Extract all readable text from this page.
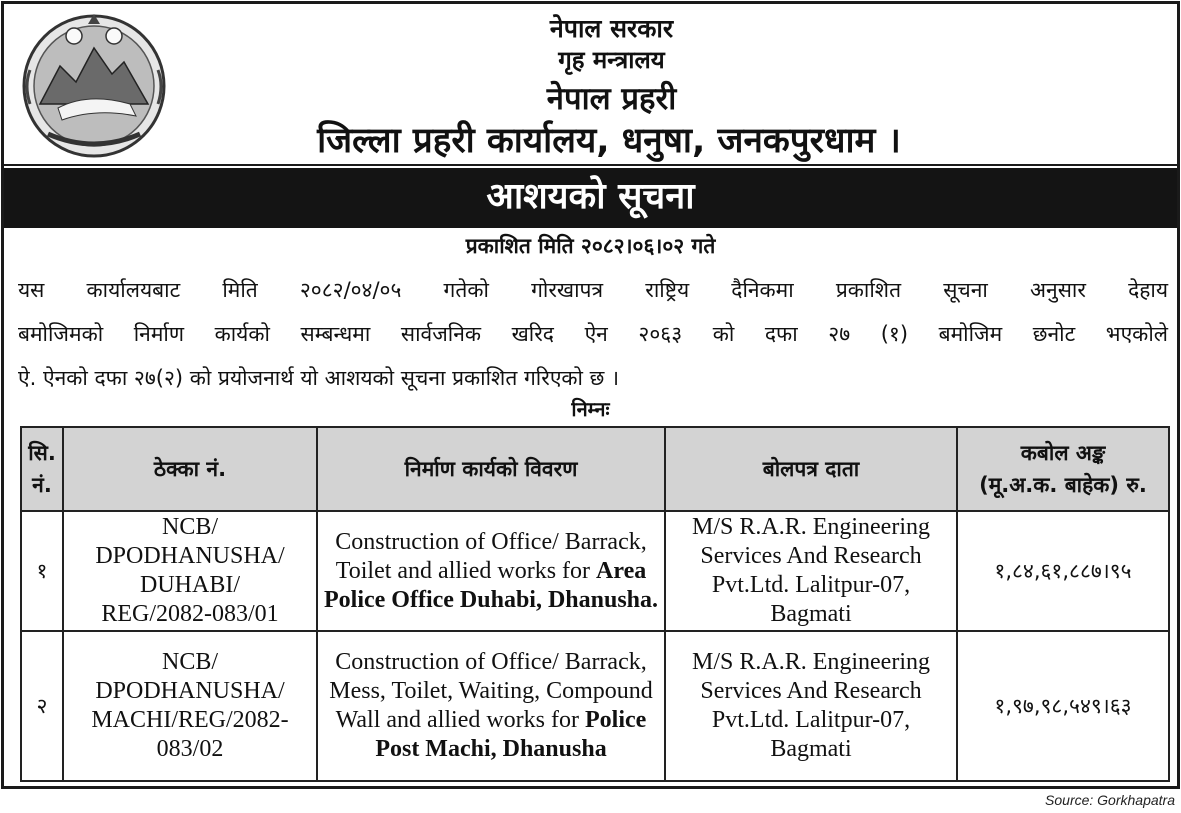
नेपाल सरकार
गृह मन्त्रालय
नेपाल प्रहरी
जिल्ला प्रहरी कार्यालय, धनुषा, जनकपुरधाम ।
आशयको सूचना
प्रकाशित मिति २०८२।०६।०२ गते
यस कार्यालयबाट मिति २०८२/०४/०५ गतेको गोरखापत्र राष्ट्रिय दैनिकमा प्रकाशित सूचना अनुसार देहाय
बमोजिमको निर्माण कार्यको सम्बन्धमा सार्वजनिक खरिद ऐन २०६३ को दफा २७ (१) बमोजिम छनोट भएकोले
ऐ. ऐनको दफा २७(२) को प्रयोजनार्थ यो आशयको सूचना प्रकाशित गरिएको छ ।
निम्नः
सि.
नं.	ठेक्का नं.	निर्माण कार्यको विवरण	बोलपत्र दाता	कबोल अङ्क
(मू.अ.क. बाहेक) रु.
१	NCB/
DPODHANUSHA/
DUHABI/
REG/2082-083/01	Construction of Office/ Barrack, Toilet and allied works for Area Police Office Duhabi, Dhanusha.	M/S R.A.R. Engineering
Services And Research
Pvt.Ltd. Lalitpur-07,
Bagmati	१,८४,६१,८८७।९५
२	NCB/
DPODHANUSHA/
MACHI/REG/2082-
083/02	Construction of Office/ Barrack, Mess, Toilet, Waiting, Compound Wall and allied works for Police Post Machi, Dhanusha	M/S R.A.R. Engineering
Services And Research
Pvt.Ltd. Lalitpur-07,
Bagmati	१,९७,९८,५४९।६३
Source: Gorkhapatra
